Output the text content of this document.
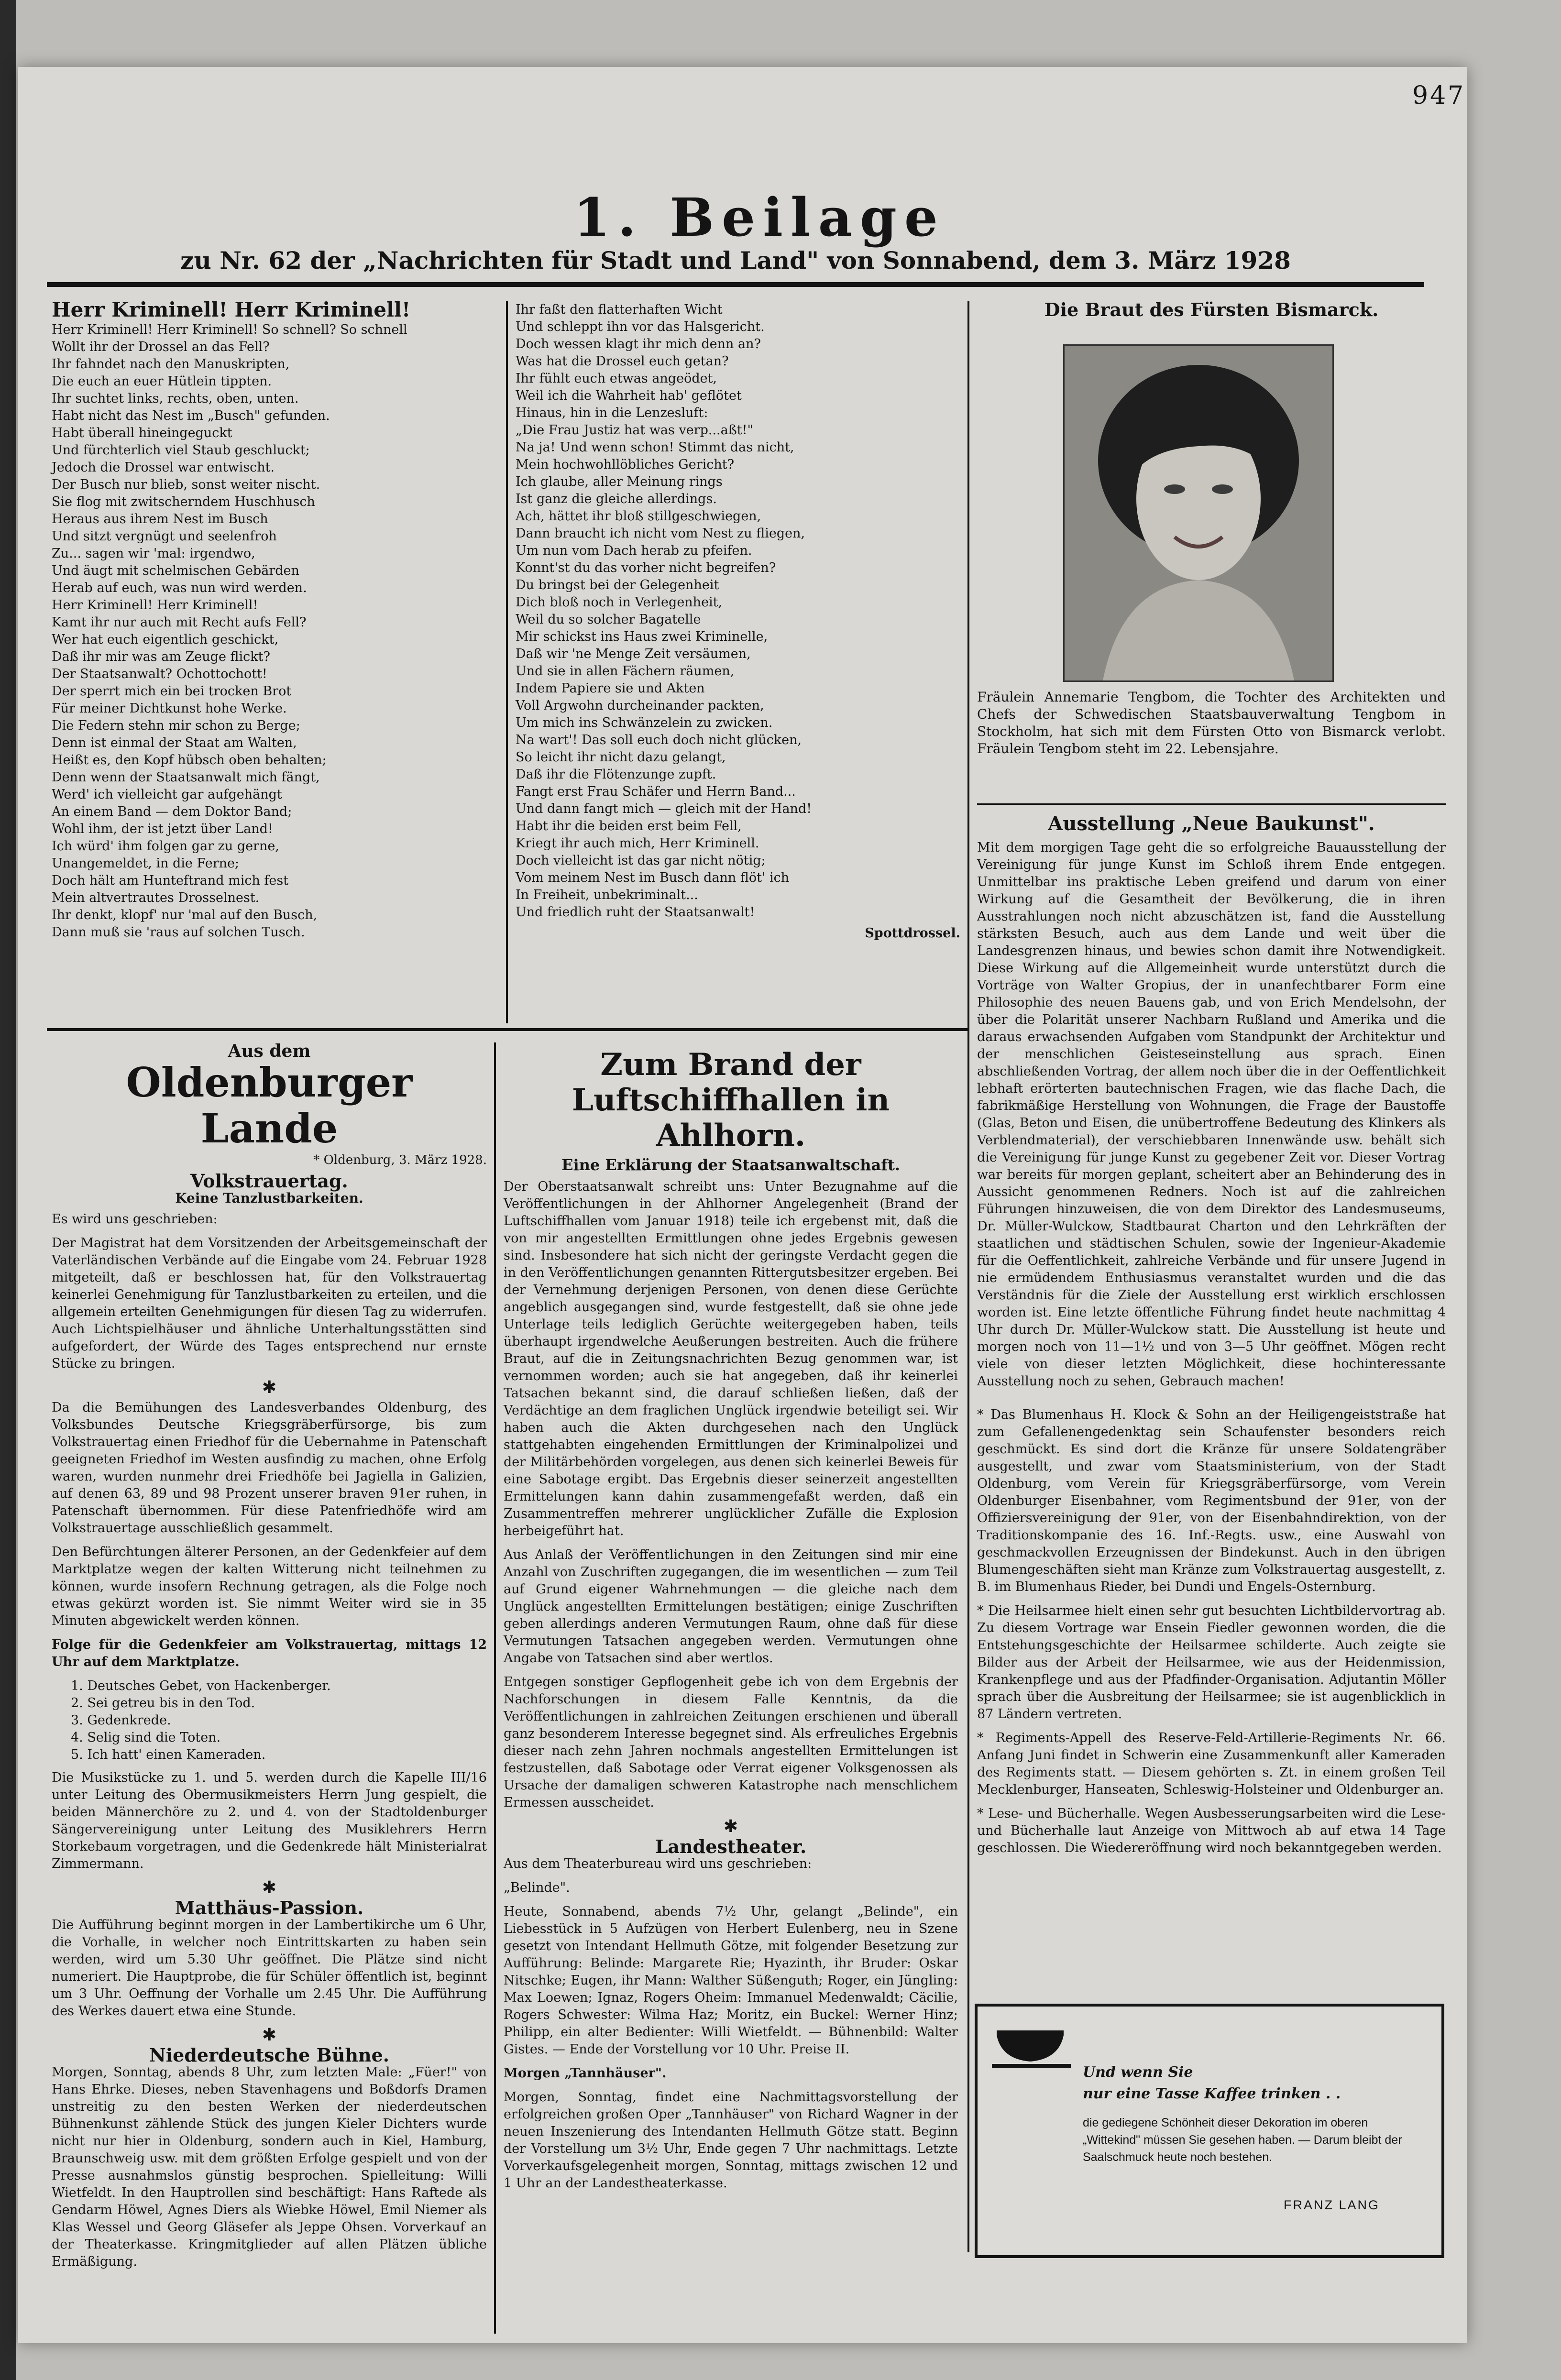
947
1. Beilage
zu Nr. 62 der „Nachrichten für Stadt und Land" von Sonnabend, dem 3. März 1928
Herr Kriminell! Herr Kriminell!
Herr Kriminell! Herr Kriminell! So schnell? So schnell
Wollt ihr der Drossel an das Fell?
Ihr fahndet nach den Manuskripten,
Die euch an euer Hütlein tippten.
Ihr suchtet links, rechts, oben, unten.
Habt nicht das Nest im „Busch" gefunden.
Habt überall hineingeguckt
Und fürchterlich viel Staub geschluckt;
Jedoch die Drossel war entwischt.
Der Busch nur blieb, sonst weiter nischt.
Sie flog mit zwitscherndem Huschhusch
Heraus aus ihrem Nest im Busch
Und sitzt vergnügt und seelenfroh
Zu... sagen wir 'mal: irgendwo,
Und äugt mit schelmischen Gebärden
Herab auf euch, was nun wird werden.
Herr Kriminell! Herr Kriminell!
Kamt ihr nur auch mit Recht aufs Fell?
Wer hat euch eigentlich geschickt,
Daß ihr mir was am Zeuge flickt?
Der Staatsanwalt? Ochottochott!
Der sperrt mich ein bei trocken Brot
Für meiner Dichtkunst hohe Werke.
Die Federn stehn mir schon zu Berge;
Denn ist einmal der Staat am Walten,
Heißt es, den Kopf hübsch oben behalten;
Denn wenn der Staatsanwalt mich fängt,
Werd' ich vielleicht gar aufgehängt
An einem Band — dem Doktor Band;
Wohl ihm, der ist jetzt über Land!
Ich würd' ihm folgen gar zu gerne,
Unangemeldet, in die Ferne;
Doch hält am Hunteftrand mich fest
Mein altvertrautes Drosselnest.
Ihr denkt, klopf' nur 'mal auf den Busch,
Dann muß sie 'raus auf solchen Tusch.
Ihr faßt den flatterhaften Wicht
Und schleppt ihn vor das Halsgericht.
Doch wessen klagt ihr mich denn an?
Was hat die Drossel euch getan?
Ihr fühlt euch etwas angeödet,
Weil ich die Wahrheit hab' geflötet
Hinaus, hin in die Lenzesluft:
„Die Frau Justiz hat was verp...aßt!"
Na ja! Und wenn schon! Stimmt das nicht,
Mein hochwohllöbliches Gericht?
Ich glaube, aller Meinung rings
Ist ganz die gleiche allerdings.
Ach, hättet ihr bloß stillgeschwiegen,
Dann braucht ich nicht vom Nest zu fliegen,
Um nun vom Dach herab zu pfeifen.
Konnt'st du das vorher nicht begreifen?
Du bringst bei der Gelegenheit
Dich bloß noch in Verlegenheit,
Weil du so solcher Bagatelle
Mir schickst ins Haus zwei Kriminelle,
Daß wir 'ne Menge Zeit versäumen,
Und sie in allen Fächern räumen,
Indem Papiere sie und Akten
Voll Argwohn durcheinander packten,
Um mich ins Schwänzelein zu zwicken.
Na wart'! Das soll euch doch nicht glücken,
So leicht ihr nicht dazu gelangt,
Daß ihr die Flötenzunge zupft.
Fangt erst Frau Schäfer und Herrn Band...
Und dann fangt mich — gleich mit der Hand!
Habt ihr die beiden erst beim Fell,
Kriegt ihr auch mich, Herr Kriminell.
Doch vielleicht ist das gar nicht nötig;
Vom meinem Nest im Busch dann flöt' ich
In Freiheit, unbekriminalt...
Und friedlich ruht der Staatsanwalt!
Spottdrossel.
Die Braut des Fürsten Bismarck.

Fräulein Annemarie Tengbom, die Tochter des Architekten und Chefs der Schwedischen Staatsbauverwaltung Tengbom in Stockholm, hat sich mit dem Fürsten Otto von Bismarck verlobt. Fräulein Tengbom steht im 22. Lebensjahre.

Ausstellung „Neue Baukunst".

Mit dem morgigen Tage geht die so erfolgreiche Bauausstellung der Vereinigung für junge Kunst im Schloß ihrem Ende entgegen. Unmittelbar ins praktische Leben greifend und darum von einer Wirkung auf die Gesamtheit der Bevölkerung, die in ihren Ausstrahlungen noch nicht abzuschätzen ist, fand die Ausstellung stärksten Besuch, auch aus dem Lande und weit über die Landesgrenzen hinaus, und bewies schon damit ihre Notwendigkeit. Diese Wirkung auf die Allgemeinheit wurde unterstützt durch die Vorträge von Walter Gropius, der in unanfechtbarer Form eine Philosophie des neuen Bauens gab, und von Erich Mendelsohn, der über die Polarität unserer Nachbarn Rußland und Amerika und die daraus erwachsenden Aufgaben vom Standpunkt der Architektur und der menschlichen Geisteseinstellung aus sprach. Einen abschließenden Vortrag, der allem noch über die in der Oeffentlichkeit lebhaft erörterten bautechnischen Fragen, wie das flache Dach, die fabrikmäßige Herstellung von Wohnungen, die Frage der Baustoffe (Glas, Beton und Eisen, die unübertroffene Bedeutung des Klinkers als Verblendmaterial), der verschiebbaren Innenwände usw. behält sich die Vereinigung für junge Kunst zu gegebener Zeit vor. Dieser Vortrag war bereits für morgen geplant, scheitert aber an Behinderung des in Aussicht genommenen Redners. Noch ist auf die zahlreichen Führungen hinzuweisen, die von dem Direktor des Landesmuseums, Dr. Müller-Wulckow, Stadtbaurat Charton und den Lehrkräften der staatlichen und städtischen Schulen, sowie der Ingenieur-Akademie für die Oeffentlichkeit, zahlreiche Verbände und für unsere Jugend in nie ermüdendem Enthusiasmus veranstaltet wurden und die das Verständnis für die Ziele der Ausstellung erst wirklich erschlossen worden ist. Eine letzte öffentliche Führung findet heute nachmittag 4 Uhr durch Dr. Müller-Wulckow statt. Die Ausstellung ist heute und morgen noch von 11—1½ und von 3—5 Uhr geöffnet. Mögen recht viele von dieser letzten Möglichkeit, diese hochinteressante Ausstellung noch zu sehen, Gebrauch machen!

* Das Blumenhaus H. Klock & Sohn an der Heiligengeiststraße hat zum Gefallenengedenktag sein Schaufenster besonders reich geschmückt. Es sind dort die Kränze für unsere Soldatengräber ausgestellt, und zwar vom Staatsministerium, von der Stadt Oldenburg, vom Verein für Kriegsgräberfürsorge, vom Verein Oldenburger Eisenbahner, vom Regimentsbund der 91er, von der Offiziersvereinigung der 91er, von der Eisenbahndirektion, von der Traditionskompanie des 16. Inf.-Regts. usw., eine Auswahl von geschmackvollen Erzeugnissen der Bindekunst. Auch in den übrigen Blumengeschäften sieht man Kränze zum Volkstrauertag ausgestellt, z. B. im Blumenhaus Rieder, bei Dundi und Engels-Osternburg.

* Die Heilsarmee hielt einen sehr gut besuchten Lichtbildervortrag ab. Zu diesem Vortrage war Ensein Fiedler gewonnen worden, die die Entstehungsgeschichte der Heilsarmee schilderte. Auch zeigte sie Bilder aus der Arbeit der Heilsarmee, wie aus der Heidenmission, Krankenpflege und aus der Pfadfinder-Organisation. Adjutantin Möller sprach über die Ausbreitung der Heilsarmee; sie ist augenblicklich in 87 Ländern vertreten.

* Regiments-Appell des Reserve-Feld-Artillerie-Regiments Nr. 66. Anfang Juni findet in Schwerin eine Zusammenkunft aller Kameraden des Regiments statt. — Diesem gehörten s. Zt. in einem großen Teil Mecklenburger, Hanseaten, Schleswig-Holsteiner und Oldenburger an.

* Lese- und Bücherhalle. Wegen Ausbesserungsarbeiten wird die Lese- und Bücherhalle laut Anzeige von Mittwoch ab auf etwa 14 Tage geschlossen. Die Wiedereröffnung wird noch bekanntgegeben werden.

Und wenn Sie
nur eine Tasse Kaffee trinken . .
die gediegene Schönheit dieser Dekoration im oberen „Wittekind" müssen Sie gesehen haben. — Darum bleibt der Saalschmuck heute noch bestehen.
FRANZ LANG
Aus dem
Oldenburger Lande
* Oldenburg, 3. März 1928.
Volkstrauertag.
Keine Tanzlustbarkeiten.

Es wird uns geschrieben:

Der Magistrat hat dem Vorsitzenden der Arbeitsgemeinschaft der Vaterländischen Verbände auf die Eingabe vom 24. Februar 1928 mitgeteilt, daß er beschlossen hat, für den Volkstrauertag keinerlei Genehmigung für Tanzlustbarkeiten zu erteilen, und die allgemein erteilten Genehmigungen für diesen Tag zu widerrufen. Auch Lichtspielhäuser und ähnliche Unterhaltungsstätten sind aufgefordert, der Würde des Tages entsprechend nur ernste Stücke zu bringen.

✱

Da die Bemühungen des Landesverbandes Oldenburg, des Volksbundes Deutsche Kriegsgräberfürsorge, bis zum Volkstrauertag einen Friedhof für die Uebernahme in Patenschaft geeigneten Friedhof im Westen ausfindig zu machen, ohne Erfolg waren, wurden nunmehr drei Friedhöfe bei Jagiella in Galizien, auf denen 63, 89 und 98 Prozent unserer braven 91er ruhen, in Patenschaft übernommen. Für diese Patenfriedhöfe wird am Volkstrauertage ausschließlich gesammelt.

Den Befürchtungen älterer Personen, an der Gedenkfeier auf dem Marktplatze wegen der kalten Witterung nicht teilnehmen zu können, wurde insofern Rechnung getragen, als die Folge noch etwas gekürzt worden ist. Sie nimmt Weiter wird sie in 35 Minuten abgewickelt werden können.

Folge für die Gedenkfeier am Volkstrauertag, mittags 12 Uhr auf dem Marktplatze.

1. Deutsches Gebet, von Hackenberger.
2. Sei getreu bis in den Tod.
3. Gedenkrede.
4. Selig sind die Toten.
5. Ich hatt' einen Kameraden.

Die Musikstücke zu 1. und 5. werden durch die Kapelle III/16 unter Leitung des Obermusikmeisters Herrn Jung gespielt, die beiden Männerchöre zu 2. und 4. von der Stadtoldenburger Sängervereinigung unter Leitung des Musiklehrers Herrn Storkebaum vorgetragen, und die Gedenkrede hält Ministerialrat Zimmermann.

✱
Matthäus-Passion.

Die Aufführung beginnt morgen in der Lambertikirche um 6 Uhr, die Vorhalle, in welcher noch Eintrittskarten zu haben sein werden, wird um 5.30 Uhr geöffnet. Die Plätze sind nicht numeriert. Die Hauptprobe, die für Schüler öffentlich ist, beginnt um 3 Uhr. Oeffnung der Vorhalle um 2.45 Uhr. Die Aufführung des Werkes dauert etwa eine Stunde.

✱
Niederdeutsche Bühne.

Morgen, Sonntag, abends 8 Uhr, zum letzten Male: „Füer!" von Hans Ehrke. Dieses, neben Stavenhagens und Boßdorfs Dramen unstreitig zu den besten Werken der niederdeutschen Bühnenkunst zählende Stück des jungen Kieler Dichters wurde nicht nur hier in Oldenburg, sondern auch in Kiel, Hamburg, Braunschweig usw. mit dem größten Erfolge gespielt und von der Presse ausnahmslos günstig besprochen. Spielleitung: Willi Wietfeldt. In den Hauptrollen sind beschäftigt: Hans Raftede als Gendarm Höwel, Agnes Diers als Wiebke Höwel, Emil Niemer als Klas Wessel und Georg Gläsefer als Jeppe Ohsen. Vorverkauf an der Theaterkasse. Kringmitglieder auf allen Plätzen übliche Ermäßigung.

Zum Brand der Luftschiffhallen in Ahlhorn.
Eine Erklärung der Staatsanwaltschaft.

Der Oberstaatsanwalt schreibt uns: Unter Bezugnahme auf die Veröffentlichungen in der Ahlhorner Angelegenheit (Brand der Luftschiffhallen vom Januar 1918) teile ich ergebenst mit, daß die von mir angestellten Ermittlungen ohne jedes Ergebnis gewesen sind. Insbesondere hat sich nicht der geringste Verdacht gegen die in den Veröffentlichungen genannten Rittergutsbesitzer ergeben. Bei der Vernehmung derjenigen Personen, von denen diese Gerüchte angeblich ausgegangen sind, wurde festgestellt, daß sie ohne jede Unterlage teils lediglich Gerüchte weitergegeben haben, teils überhaupt irgendwelche Aeußerungen bestreiten. Auch die frühere Braut, auf die in Zeitungsnachrichten Bezug genommen war, ist vernommen worden; auch sie hat angegeben, daß ihr keinerlei Tatsachen bekannt sind, die darauf schließen ließen, daß der Verdächtige an dem fraglichen Unglück irgendwie beteiligt sei. Wir haben auch die Akten durchgesehen nach den Unglück stattgehabten eingehenden Ermittlungen der Kriminalpolizei und der Militärbehörden vorgelegen, aus denen sich keinerlei Beweis für eine Sabotage ergibt. Das Ergebnis dieser seinerzeit angestellten Ermittelungen kann dahin zusammengefaßt werden, daß ein Zusammentreffen mehrerer unglücklicher Zufälle die Explosion herbeigeführt hat.

Aus Anlaß der Veröffentlichungen in den Zeitungen sind mir eine Anzahl von Zuschriften zugegangen, die im wesentlichen — zum Teil auf Grund eigener Wahrnehmungen — die gleiche nach dem Unglück angestellten Ermittelungen bestätigen; einige Zuschriften geben allerdings anderen Vermutungen Raum, ohne daß für diese Vermutungen Tatsachen angegeben werden. Vermutungen ohne Angabe von Tatsachen sind aber wertlos.

Entgegen sonstiger Gepflogenheit gebe ich von dem Ergebnis der Nachforschungen in diesem Falle Kenntnis, da die Veröffentlichungen in zahlreichen Zeitungen erschienen und überall ganz besonderem Interesse begegnet sind. Als erfreuliches Ergebnis dieser nach zehn Jahren nochmals angestellten Ermittelungen ist festzustellen, daß Sabotage oder Verrat eigener Volksgenossen als Ursache der damaligen schweren Katastrophe nach menschlichem Ermessen ausscheidet.

✱
Landestheater.

Aus dem Theaterbureau wird uns geschrieben:

„Belinde".

Heute, Sonnabend, abends 7½ Uhr, gelangt „Belinde", ein Liebesstück in 5 Aufzügen von Herbert Eulenberg, neu in Szene gesetzt von Intendant Hellmuth Götze, mit folgender Besetzung zur Aufführung: Belinde: Margarete Rie; Hyazinth, ihr Bruder: Oskar Nitschke; Eugen, ihr Mann: Walther Süßenguth; Roger, ein Jüngling: Max Loewen; Ignaz, Rogers Oheim: Immanuel Medenwaldt; Cäcilie, Rogers Schwester: Wilma Haz; Moritz, ein Buckel: Werner Hinz; Philipp, ein alter Bedienter: Willi Wietfeldt. — Bühnenbild: Walter Gistes. — Ende der Vorstellung vor 10 Uhr. Preise II.

Morgen „Tannhäuser".

Morgen, Sonntag, findet eine Nachmittagsvorstellung der erfolgreichen großen Oper „Tannhäuser" von Richard Wagner in der neuen Inszenierung des Intendanten Hellmuth Götze statt. Beginn der Vorstellung um 3½ Uhr, Ende gegen 7 Uhr nachmittags. Letzte Vorverkaufsgelegenheit morgen, Sonntag, mittags zwischen 12 und 1 Uhr an der Landestheaterkasse.
